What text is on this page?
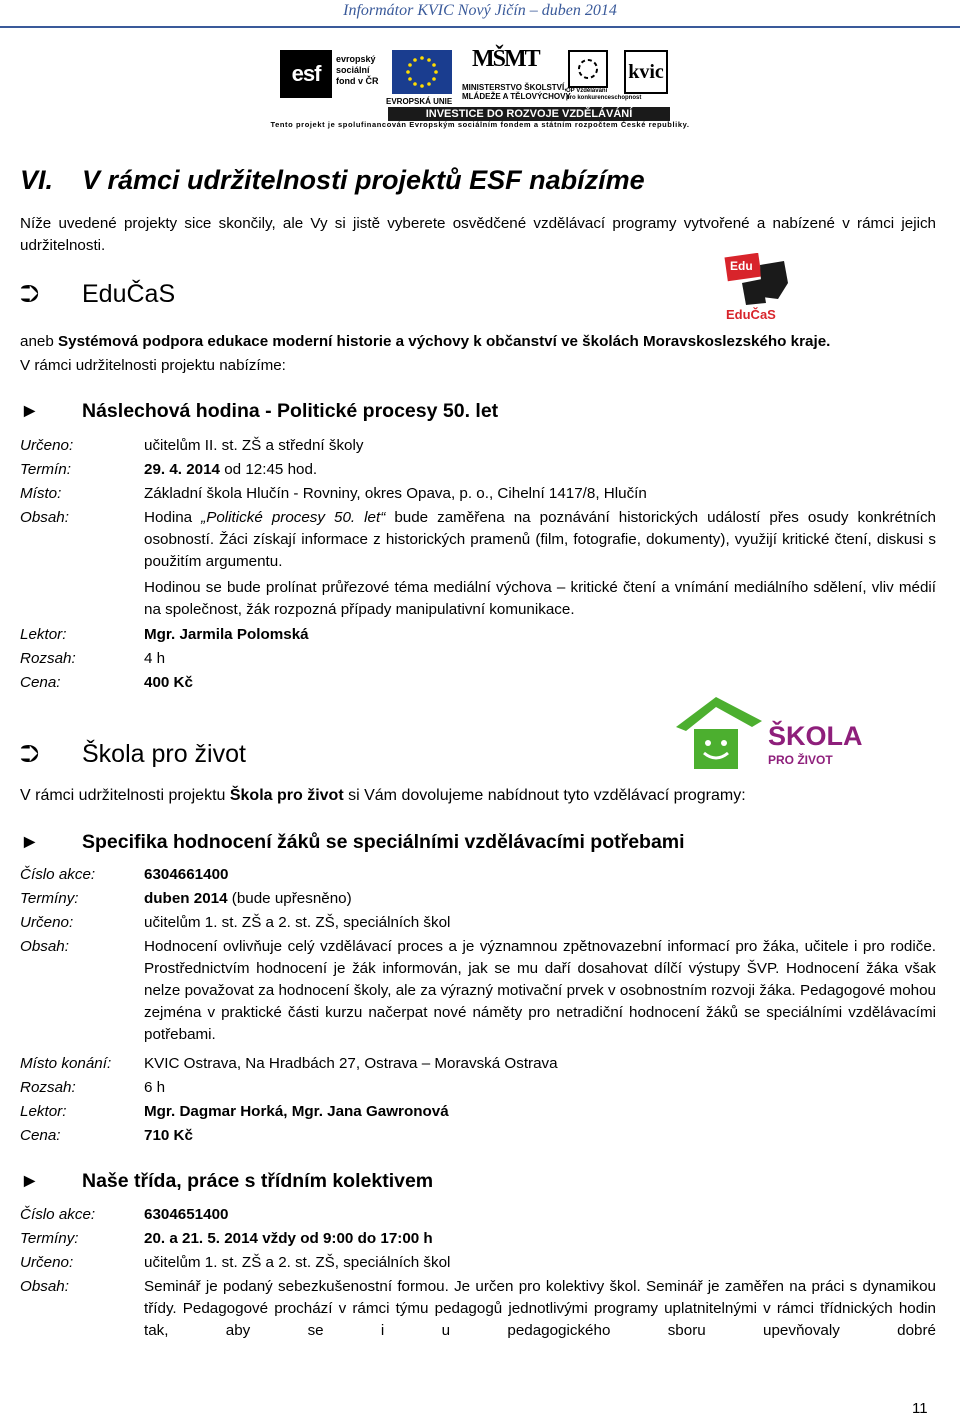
Informátor KVIC Nový Jičín – duben 2014
esf
evropský
sociální
fond v ČR
EVROPSKÁ UNIE
MŠMT
MINISTERSTVO ŠKOLSTVÍ,
MLÁDEŽE A TĚLOVÝCHOVY
OP Vzdělávání
pro konkurenceschopnost
kvic
INVESTICE DO ROZVOJE VZDĚLÁVÁNÍ
Tento projekt je spolufinancován Evropským sociálním fondem a státním rozpočtem České republiky.
VI. V rámci udržitelnosti projektů ESF nabízíme
Níže uvedené projekty sice skončily, ale Vy si jistě vyberete osvědčené vzdělávací programy vytvořené a nabízené v rámci jejich udržitelnosti.
⮊ EduČaS
Edu
EduČaS
aneb Systémová podpora edukace moderní historie a výchovy k občanství ve školách Moravskoslezského kraje.
V rámci udržitelnosti projektu nabízíme:
► Náslechová hodina - Politické procesy 50. let
Určeno:	učitelům II. st. ZŠ a střední školy
Termín:	29. 4. 2014 od 12:45 hod.
Místo:	Základní škola Hlučín - Rovniny, okres Opava, p. o., Cihelní 1417/8, Hlučín
Obsah:	Hodina „Politické procesy 50. let“ bude zaměřena na poznávání historických událostí přes osudy konkrétních osobností. Žáci získají informace z historických pramenů (film, fotografie, dokumenty), využijí kritické čtení, diskusi s použitím argumentu.
Hodinou se bude prolínat průřezové téma mediální výchova – kritické čtení a vnímání mediálního sdělení, vliv médií na společnost, žák rozpozná případy manipulativní komunikace.
Lektor:	Mgr. Jarmila Polomská
Rozsah:	4 h
Cena:	400 Kč
ŠKOLA
PRO ŽIVOT
⮊ Škola pro život
V rámci udržitelnosti projektu Škola pro život si Vám dovolujeme nabídnout tyto vzdělávací programy:
► Specifika hodnocení žáků se speciálními vzdělávacími potřebami
Číslo akce:	6304661400
Termíny:	duben 2014 (bude upřesněno)
Určeno:	učitelům 1. st. ZŠ a 2. st. ZŠ, speciálních škol
Obsah:	Hodnocení ovlivňuje celý vzdělávací proces a je významnou zpětnovazební informací pro žáka, učitele i pro rodiče. Prostřednictvím hodnocení je žák informován, jak se mu daří dosahovat dílčí výstupy ŠVP. Hodnocení žáka však nelze považovat za hodnocení školy, ale za výrazný motivační prvek v osobnostním rozvoji žáka. Pedagogové mohou zejména v praktické části kurzu načerpat nové náměty pro netradiční hodnocení žáků se speciálními vzdělávacími potřebami.
Místo konání: KVIC Ostrava, Na Hradbách 27, Ostrava – Moravská Ostrava
Rozsah:	6 h
Lektor:	Mgr. Dagmar Horká, Mgr. Jana Gawronová
Cena:	710 Kč
► Naše třída, práce s třídním kolektivem
Číslo akce:	6304651400
Termíny:	20. a 21. 5. 2014 vždy od 9:00 do 17:00 h
Určeno:	učitelům 1. st. ZŠ a 2. st. ZŠ, speciálních škol
Obsah:	Seminář je podaný sebezkušenostní formou. Je určen pro kolektivy škol. Seminář je zaměřen na práci s dynamikou třídy. Pedagogové prochází v rámci týmu pedagogů jednotlivými programy uplatnitelnými v rámci třídnických hodin tak, aby se i u pedagogického sboru upevňovaly dobré
11
